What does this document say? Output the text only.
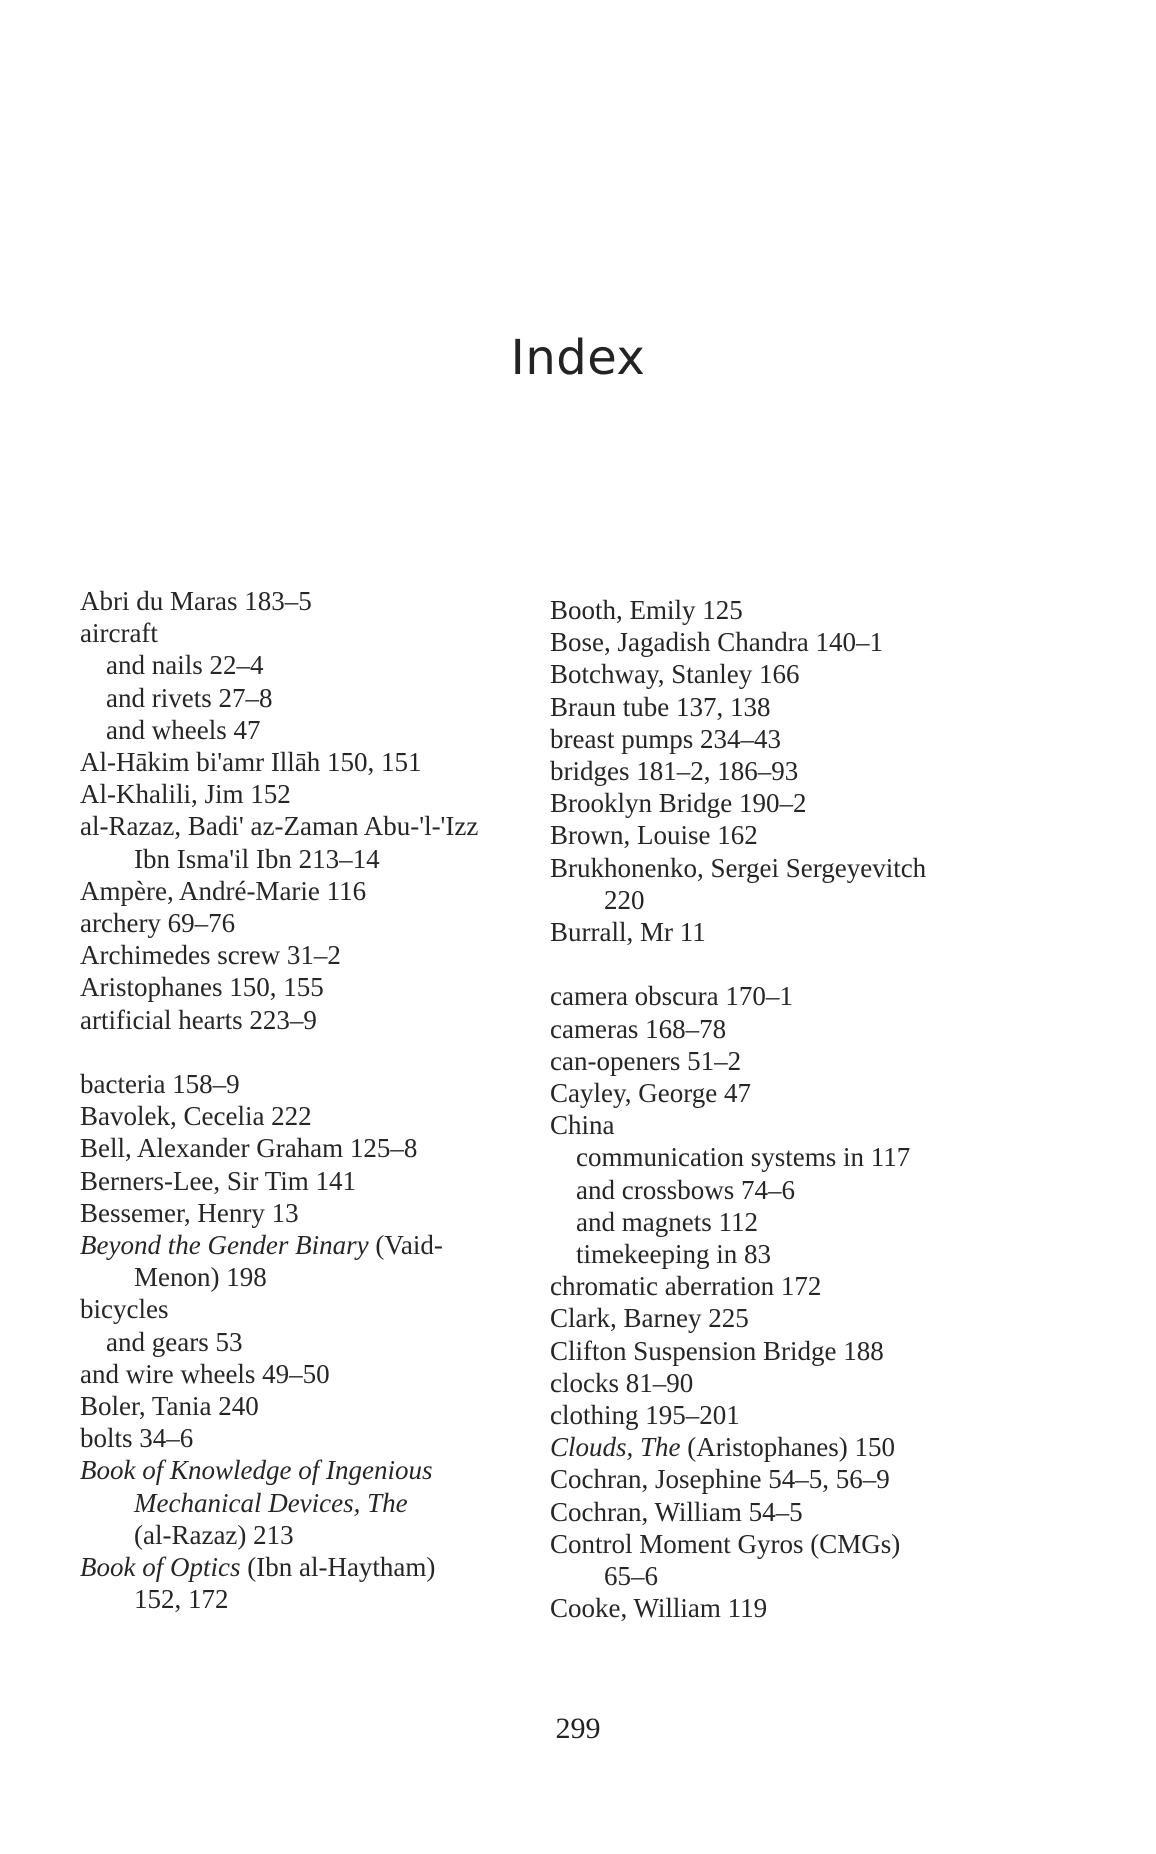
Index
Abri du Maras 183–5
aircraft
and nails 22–4
and rivets 27–8
and wheels 47
Al-Hākim bi'amr Illāh 150, 151
Al-Khalili, Jim 152
al-Razaz, Badi' az-Zaman Abu-'l-'Izz
Ibn Isma'il Ibn 213–14
Ampère, André-Marie 116
archery 69–76
Archimedes screw 31–2
Aristophanes 150, 155
artificial hearts 223–9
bacteria 158–9
Bavolek, Cecelia 222
Bell, Alexander Graham 125–8
Berners-Lee, Sir Tim 141
Bessemer, Henry 13
Beyond the Gender Binary (Vaid-
Menon) 198
bicycles
and gears 53
and wire wheels 49–50
Boler, Tania 240
bolts 34–6
Book of Knowledge of Ingenious
Mechanical Devices, The
(al-Razaz) 213
Book of Optics (Ibn al-Haytham)
152, 172
Booth, Emily 125
Bose, Jagadish Chandra 140–1
Botchway, Stanley 166
Braun tube 137, 138
breast pumps 234–43
bridges 181–2, 186–93
Brooklyn Bridge 190–2
Brown, Louise 162
Brukhonenko, Sergei Sergeyevitch
220
Burrall, Mr 11
camera obscura 170–1
cameras 168–78
can-openers 51–2
Cayley, George 47
China
communication systems in 117
and crossbows 74–6
and magnets 112
timekeeping in 83
chromatic aberration 172
Clark, Barney 225
Clifton Suspension Bridge 188
clocks 81–90
clothing 195–201
Clouds, The (Aristophanes) 150
Cochran, Josephine 54–5, 56–9
Cochran, William 54–5
Control Moment Gyros (CMGs)
65–6
Cooke, William 119
299
